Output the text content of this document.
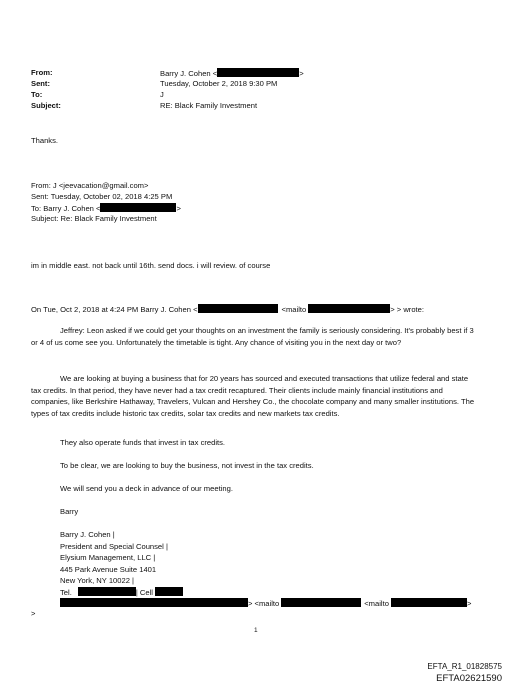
From:	Barry J. Cohen <	>
Sent:	Tuesday, October 2, 2018 9:30 PM
To:	J
Subject:	RE: Black Family Investment
Thanks.
From: J <jeevacation@gmail.com>
Sent: Tuesday, October 02, 2018 4:25 PM
To: Barry J. Cohen <	>
Subject: Re: Black Family Investment
im in middle east. not back until 16th. send docs. i will review. of course
On Tue, Oct 2, 2018 at 4:24 PM Barry J. Cohen <	<mailto	> > wrote:
Jeffrey: Leon asked if we could get your thoughts on an investment the family is seriously considering. It's probably best if 3 or 4 of us come see you. Unfortunately the timetable is tight. Any chance of visiting you in the next day or two?
We are looking at buying a business that for 20 years has sourced and executed transactions that utilize federal and state tax credits. In that period, they have never had a tax credit recaptured. Their clients include mainly financial institutions and companies, like Berkshire Hathaway, Travelers, Vulcan and Hershey Co., the chocolate company and many smaller institutions. The types of tax credits include historic tax credits, solar tax credits and new markets tax credits.
They also operate funds that invest in tax credits.
To be clear, we are looking to buy the business, not invest in the tax credits.
We will send you a deck in advance of our meeting.
Barry
Barry J. Cohen |
President and Special Counsel |
Elysium Management, LLC |
445 Park Avenue Suite 1401
New York, NY 10022 |
Tel.	| Cell
> <mailto	<mailto	>
>
1
EFTA_R1_01828575
EFTA02621590
